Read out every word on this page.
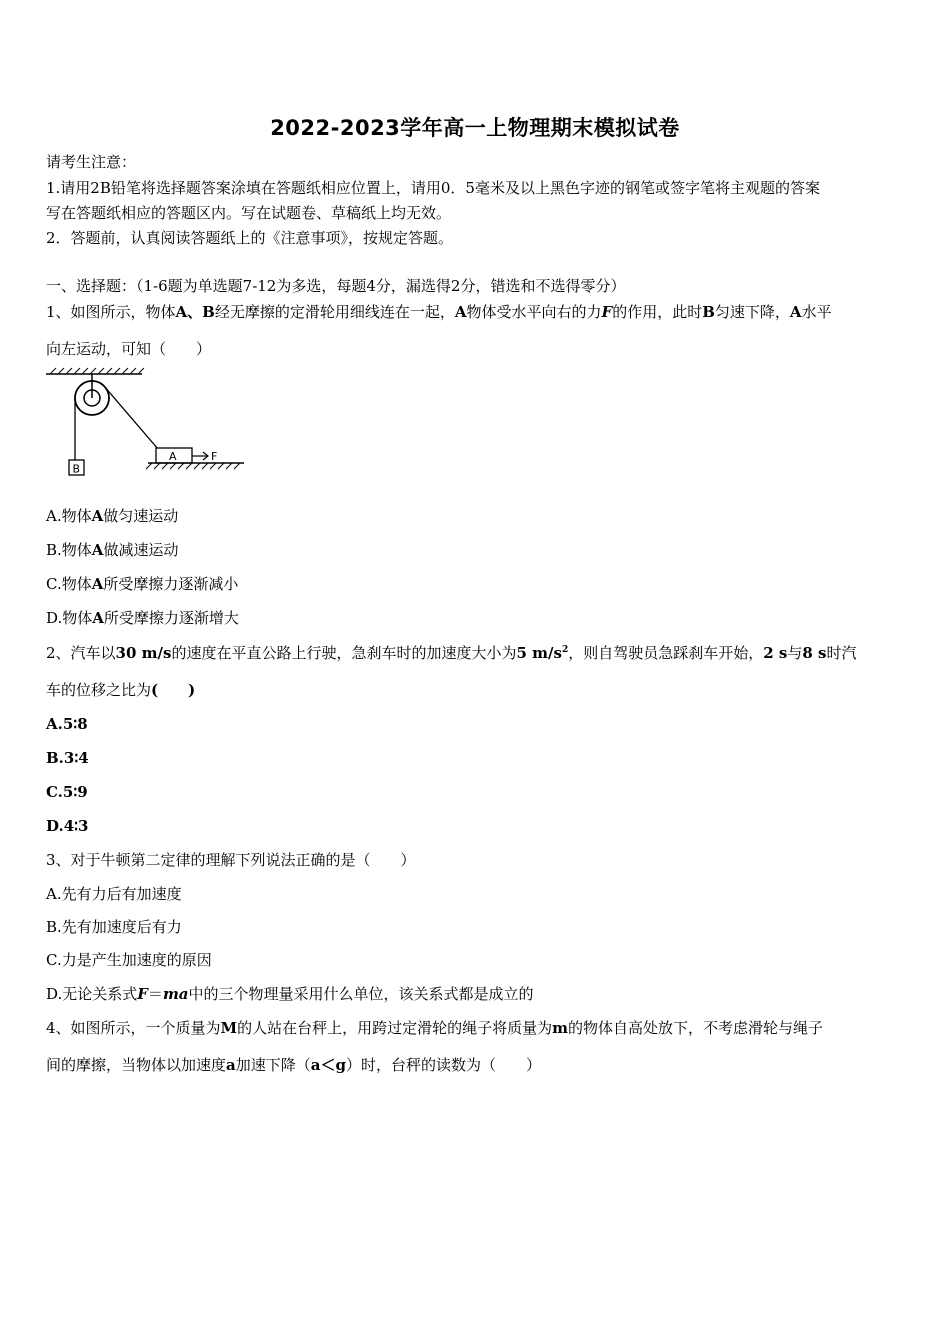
2022-2023学年高一上物理期末模拟试卷
请考生注意：
1.请用2B铅笔将选择题答案涂填在答题纸相应位置上，请用0．5毫米及以上黑色字迹的钢笔或签字笔将主观题的答案
写在答题纸相应的答题区内。写在试题卷、草稿纸上均无效。
2．答题前，认真阅读答题纸上的《注意事项》，按规定答题。
一、选择题：（1-6题为单选题7-12为多选，每题4分，漏选得2分，错选和不选得零分）
1、如图所示，物体A、B经无摩擦的定滑轮用细线连在一起，A物体受水平向右的力F的作用，此时B匀速下降，A水平
向左运动，可知（　　）
B
A	F
A.物体A做匀速运动
B.物体A做减速运动
C.物体A所受摩擦力逐渐减小
D.物体A所受摩擦力逐渐增大
2、汽车以30 m/s的速度在平直公路上行驶，急刹车时的加速度大小为5 $m/s^2$，则自驾驶员急踩刹车开始，2 s与8 s时汽
车的位移之比为(　　)
A.5∶8
B.3∶4
C.5∶9
D.4∶3
3、对于牛顿第二定律的理解下列说法正确的是（　　）
A.先有力后有加速度
B.先有加速度后有力
C.力是产生加速度的原因
D.无论关系式F＝ma中的三个物理量采用什么单位，该关系式都是成立的
4、如图所示，一个质量为M的人站在台秤上，用跨过定滑轮的绳子将质量为m的物体自高处放下，不考虑滑轮与绳子
间的摩擦，当物体以加速度a加速下降（a＜g）时，台秤的读数为（　　）
